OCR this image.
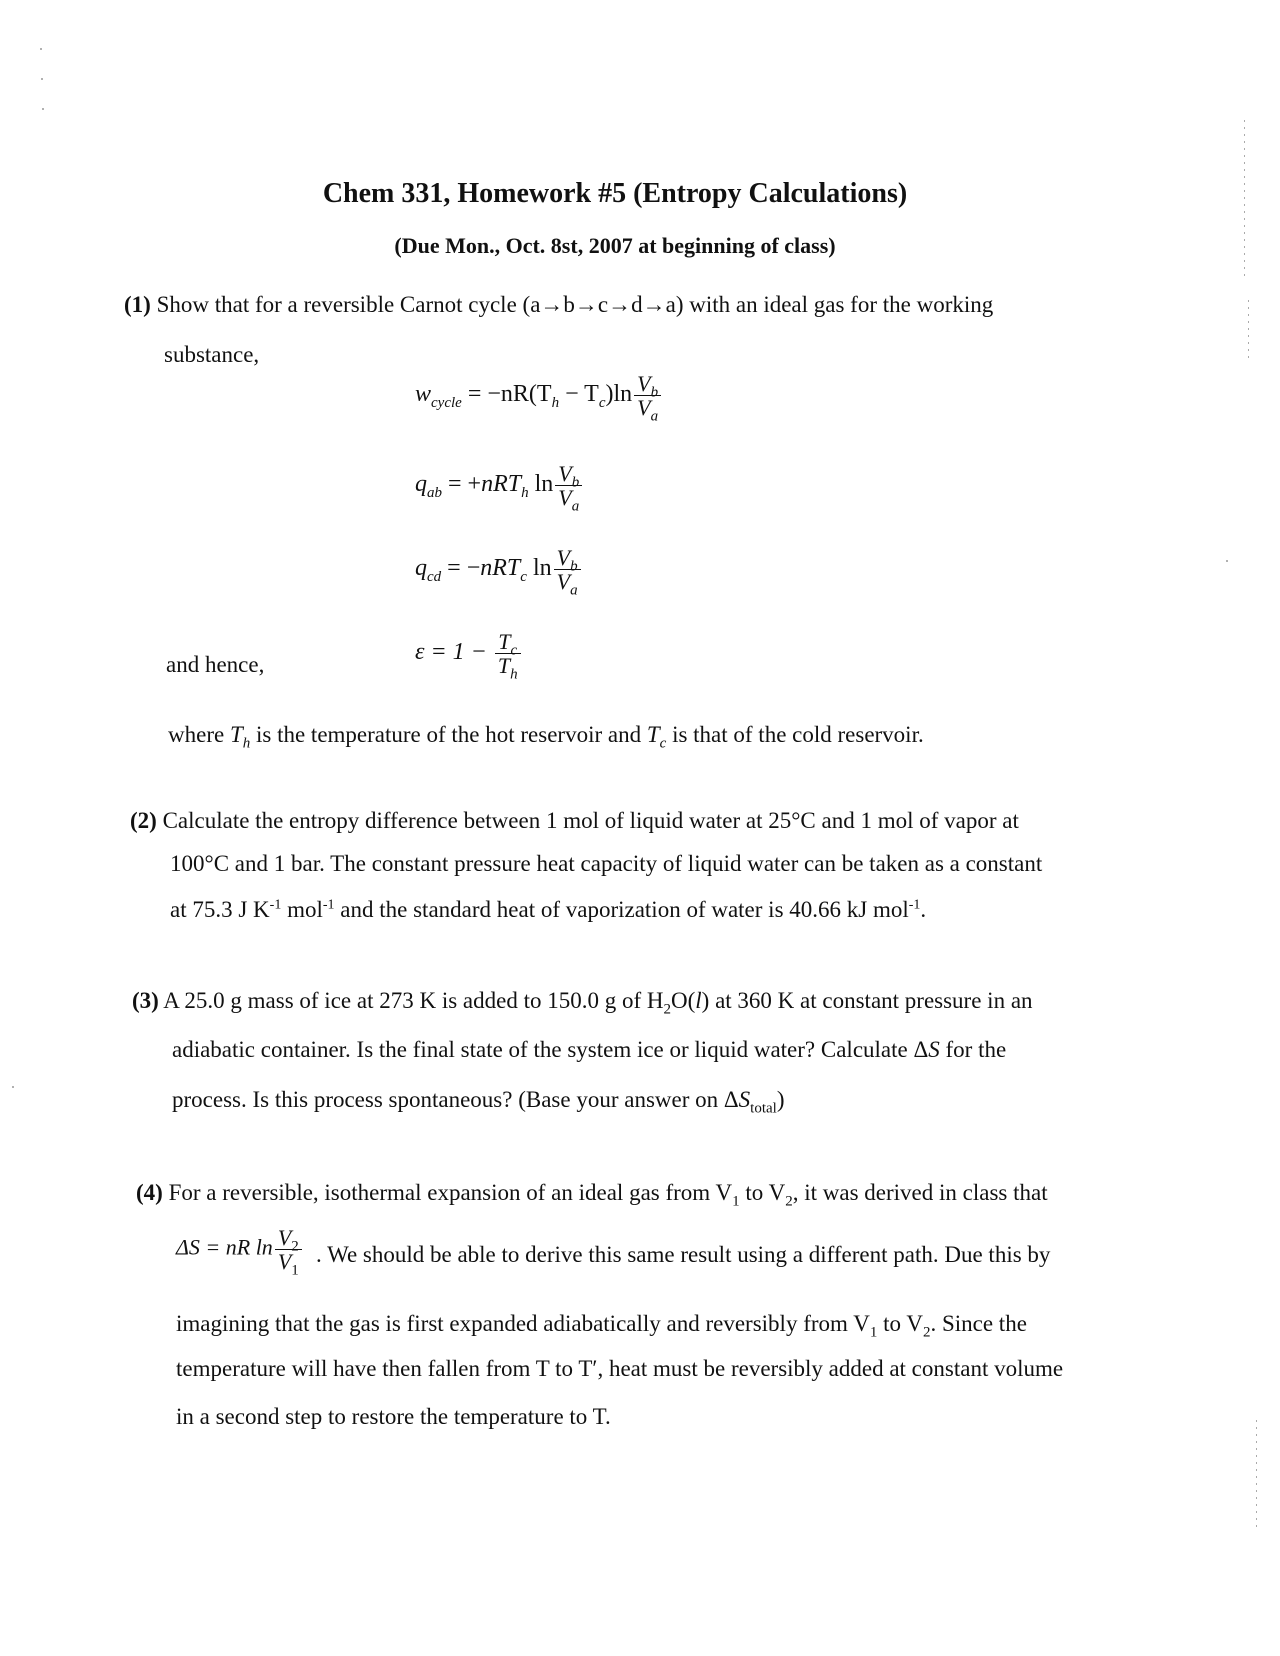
Chem 331, Homework #5 (Entropy Calculations)
(Due Mon., Oct. 8st, 2007 at beginning of class)
(1) Show that for a reversible Carnot cycle (a→b→c→d→a) with an ideal gas for the working
substance,
$w_{cycle} = -nR(T_h - T_c)\ln \frac{V_b}{V_a}$
$q_{ab} = +nRT_h$ $\ln \frac{V_b}{V_a}$
$q_{cd} = -nRT_c$ $\ln \frac{V_b}{V_a}$
and hence,	$\varepsilon = 1 - \frac{T_c}{T_h}$
where $T_h$ is the temperature of the hot reservoir and $T_c$ is that of the cold reservoir.
(2) Calculate the entropy difference between 1 mol of liquid water at 25°C and 1 mol of vapor at
100°C and 1 bar. The constant pressure heat capacity of liquid water can be taken as a constant
at 75.3 J $K^{-1}$ mol$^{-1}$ and the standard heat of vaporization of water is 40.66 kJ mol$^{-1}$.
(3) A 25.0 g mass of ice at 273 K is added to 150.0 g of $H_2O(l)$ at 360 K at constant pressure in an
adiabatic container. Is the final state of the system ice or liquid water? Calculate ΔS for the
process. Is this process spontaneous? (Base your answer on $\Delta S_{total}$)
(4) For a reversible, isothermal expansion of an ideal gas from $V_1$ to $V_2$, it was derived in class that
ΔS = nR $\ln \frac{V_2}{V_1}$ . We should be able to derive this same result using a different path. Due this by
imagining that the gas is first expanded adiabatically and reversibly from $V_1$ to $V_2$. Since the
temperature will have then fallen from T to T′, heat must be reversibly added at constant volume
in a second step to restore the temperature to T.
